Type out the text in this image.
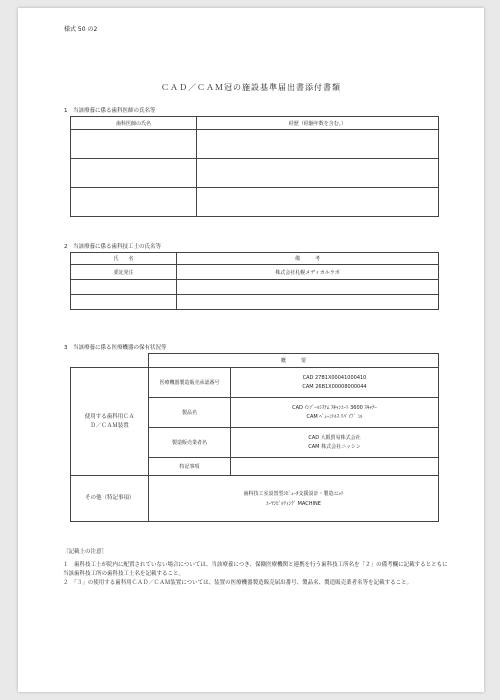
様式 50 の2
ＣＡＤ／ＣＡＭ冠の施設基準届出書添付書類
1　当該療養に係る歯科医師の氏名等
歯科医師の氏名	経歴（経験年数を含む。）

2　当該療養に係る歯科技工士の氏名等
氏　　名	備　　　考
委託発注	株式会社札幌メディカルラボ

3　当該療養に係る医療機器の保有状況等
	概　　　要	
使用する歯科用ＣＡＤ／ＣＡＭ装置	医療機器製造販売承認番号	CAD 27B1X00041000410
CAM 26B1X00008000044

	製品名	CAD ｲﾝｿﾞｰﾙｼｽﾃﾑ ｽｷｬﾝﾕｰﾄ 3600 ｽｷｬﾅｰ
CAM ﾍﾞｭｰﾝﾄﾙｽ ﾘﾊﾞｲﾌﾞ ﾐﾙ

	製造販売業者名	CAD 大阪貿易株式会社
CAM 株式会社ニッシン

	特記事項	
その他（特記事項）	歯科技工室設置型ｼﾋﾞｭｰﾀ支援設計・製造ﾕﾆｯﾄ
ｴｰﾔﾝﾋﾞﾙﾃｨﾝｸﾞ MACHINE	
［記載上の注意］
１　歯科技工士が院内に配置されていない場合については、当該療養につき、保険医療機関と連携を行う歯科技工所名を「２」の備考欄に記載するとともに当該歯科技工所の歯科技工士名を記載すること。
２　「３」の使用する歯科用ＣＡＤ／ＣＡＭ装置については、装置の医療機器製造販売届出番号、製品名、製造販売業者名等を記載すること。
